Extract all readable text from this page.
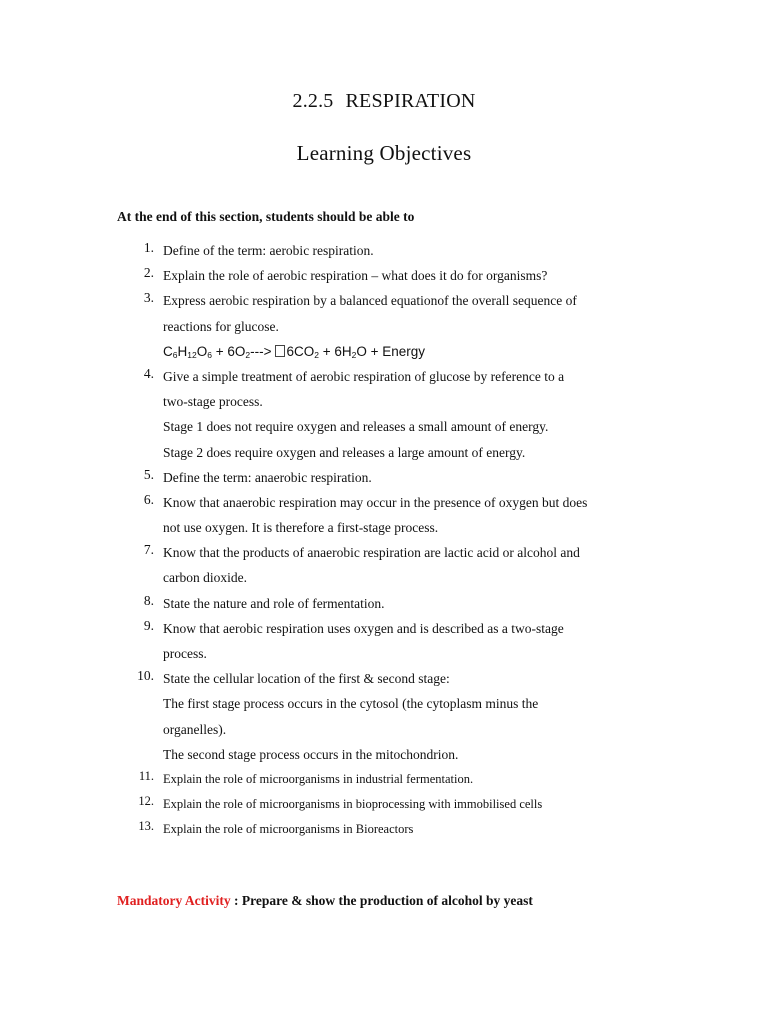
2.2.5 RESPIRATION
Learning Objectives
At the end of this section, students should be able to
1. Define of the term: aerobic respiration.
2. Explain the role of aerobic respiration – what does it do for organisms?
3. Express aerobic respiration by a balanced equationof the overall sequence of
reactions for glucose.
$C_6H_{12}O_6 + 6O_2---> 6CO_2 + 6H_2O$ + Energy
4. Give a simple treatment of aerobic respiration of glucose by reference to a
two-stage process.
Stage 1 does not require oxygen and releases a small amount of energy.
Stage 2 does require oxygen and releases a large amount of energy.
5. Define the term: anaerobic respiration.
6. Know that anaerobic respiration may occur in the presence of oxygen but does
not use oxygen. It is therefore a first-stage process.
7. Know that the products of anaerobic respiration are lactic acid or alcohol and
carbon dioxide.
8. State the nature and role of fermentation.
9. Know that aerobic respiration uses oxygen and is described as a two-stage
process.
10. State the cellular location of the first & second stage:
The first stage process occurs in the cytosol (the cytoplasm minus the
organelles).
The second stage process occurs in the mitochondrion.
11. Explain the role of microorganisms in industrial fermentation.
12. Explain the role of microorganisms in bioprocessing with immobilised cells
13. Explain the role of microorganisms in Bioreactors
Mandatory Activity : Prepare & show the production of alcohol by yeast
